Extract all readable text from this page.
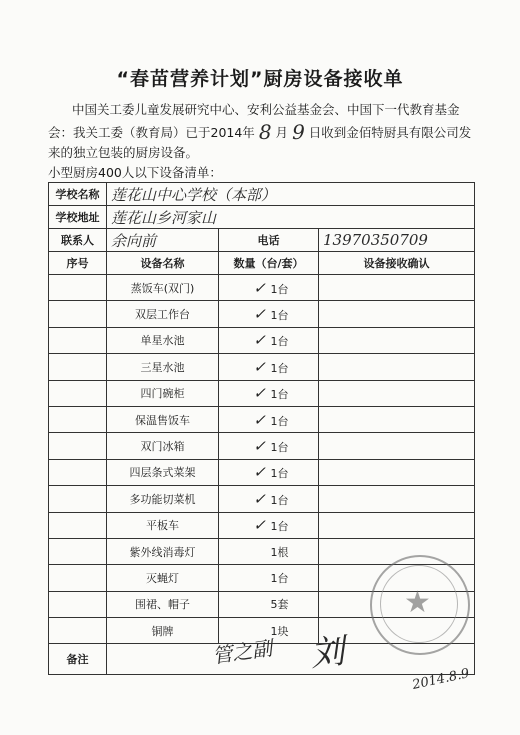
“春苗营养计划”厨房设备接收单
中国关工委儿童发展研究中心、安利公益基金会、中国下一代教育基金会：我关工委（教育局）已于2014年 8 月 9 日收到金佰特厨具有限公司发来的独立包装的厨房设备。
小型厨房400人以下设备清单：
学校名称	莲花山中心学校（本部）		
学校地址	莲花山乡河家山		
联系人	余向前	电话	13970350709
序号	设备名称	数量（台/套）	设备接收确认
	蒸饭车(双门)	✓ 1台	
	双层工作台	✓ 1台	
	单星水池	✓ 1台	
	三星水池	✓ 1台	
	四门碗柜	✓ 1台	
	保温售饭车	✓ 1台	
	双门冰箱	✓ 1台	
	四层条式菜架	✓ 1台	
	多功能切菜机	✓ 1台	
	平板车	✓ 1台	
	紫外线消毒灯	1根	
	灭蝇灯	1台	
	围裙、帽子	5套	
	铜牌	1块	
备注			
★
管之副 刘
2014.8.9
